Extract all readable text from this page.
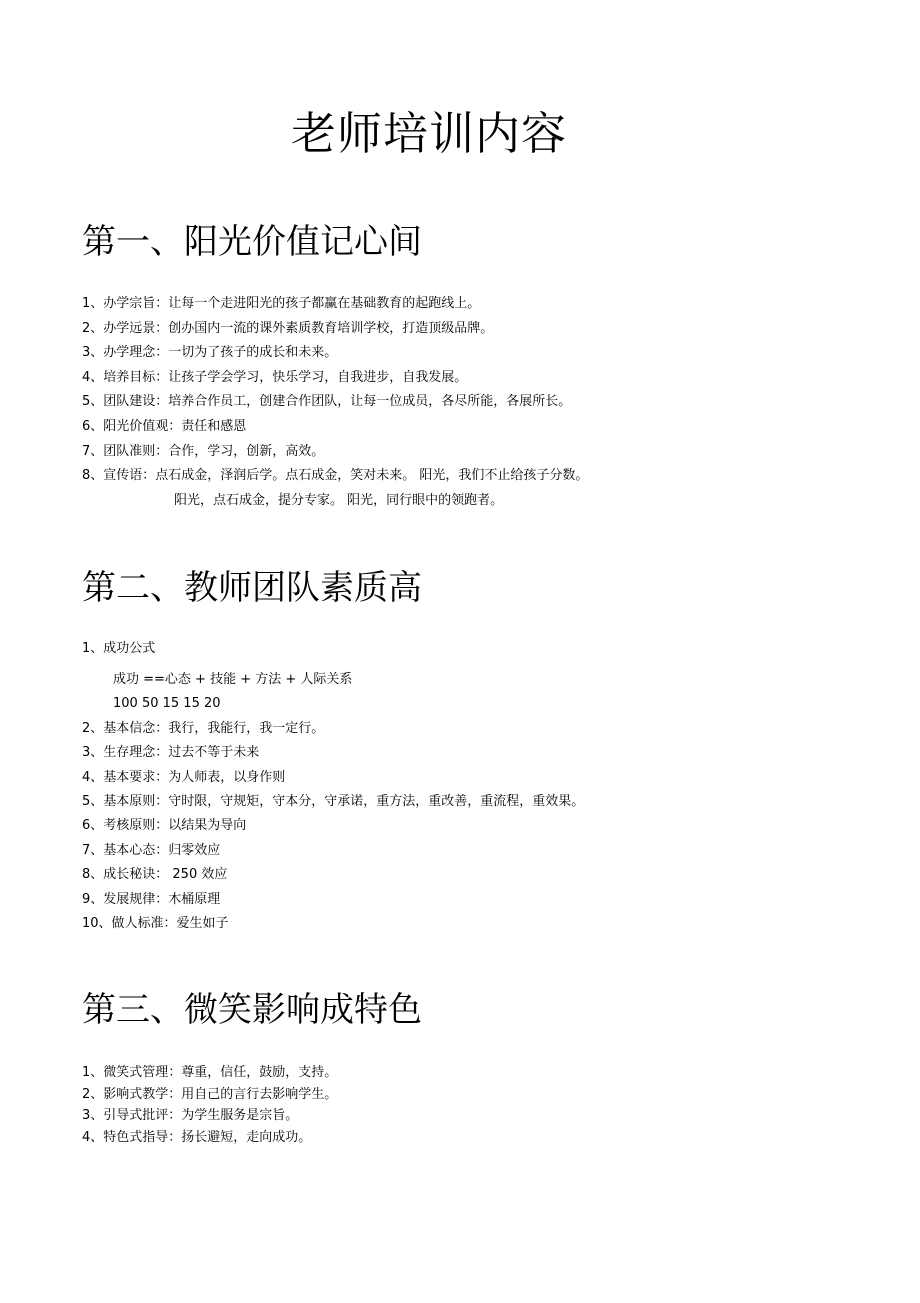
老师培训内容
第一、阳光价值记心间
1、办学宗旨：让每一个走进阳光的孩子都赢在基础教育的起跑线上。
2、办学远景：创办国内一流的课外素质教育培训学校，打造顶级品牌。
3、办学理念：一切为了孩子的成长和未来。
4、培养目标：让孩子学会学习，快乐学习，自我进步，自我发展。
5、团队建设：培养合作员工，创建合作团队，让每一位成员，各尽所能，各展所长。
6、阳光价值观：责任和感恩
7、团队准则：合作，学习，创新，高效。
8、宣传语：点石成金，泽润后学。点石成金，笑对未来。 阳光，我们不止给孩子分数。
阳光，点石成金，提分专家。 阳光，同行眼中的领跑者。
第二、教师团队素质高
1、成功公式
成功 ==心态 + 技能 + 方法 + 人际关系
100 50 15 15 20
2、基本信念：我行，我能行，我一定行。
3、生存理念：过去不等于未来
4、基本要求：为人师表，以身作则
5、基本原则：守时限，守规矩，守本分，守承诺，重方法，重改善，重流程，重效果。
6、考核原则：以结果为导向
7、基本心态：归零效应
8、成长秘诀： 250 效应
9、发展规律：木桶原理
10、做人标准：爱生如子
第三、微笑影响成特色
1、微笑式管理：尊重，信任，鼓励，支持。
2、影响式教学：用自己的言行去影响学生。
3、引导式批评：为学生服务是宗旨。
4、特色式指导：扬长避短，走向成功。
